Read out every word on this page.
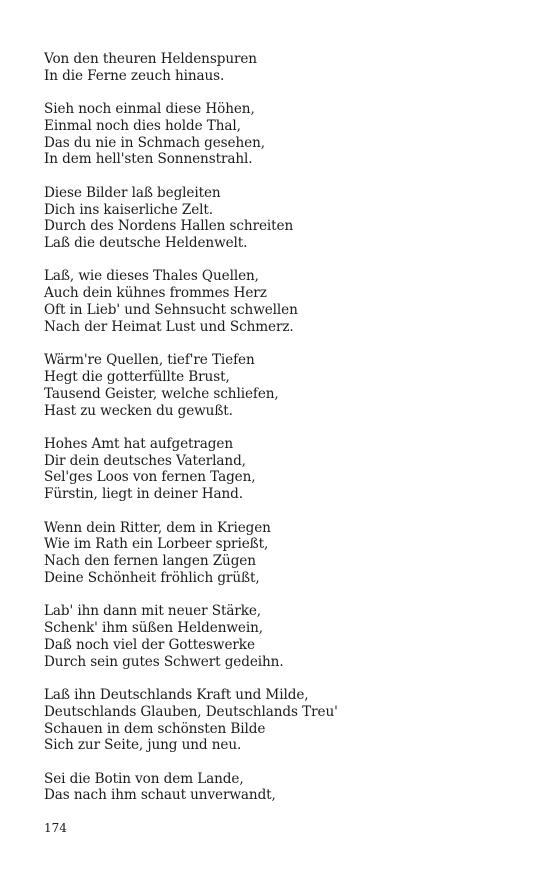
Von den theuren Heldenspuren
In die Ferne zeuch hinaus.
Sieh noch einmal diese Höhen,
Einmal noch dies holde Thal,
Das du nie in Schmach gesehen,
In dem hell'sten Sonnenstrahl.
Diese Bilder laß begleiten
Dich ins kaiserliche Zelt.
Durch des Nordens Hallen schreiten
Laß die deutsche Heldenwelt.
Laß, wie dieses Thales Quellen,
Auch dein kühnes frommes Herz
Oft in Lieb' und Sehnsucht schwellen
Nach der Heimat Lust und Schmerz.
Wärm're Quellen, tief're Tiefen
Hegt die gotterfüllte Brust,
Tausend Geister, welche schliefen,
Hast zu wecken du gewußt.
Hohes Amt hat aufgetragen
Dir dein deutsches Vaterland,
Sel'ges Loos von fernen Tagen,
Fürstin, liegt in deiner Hand.
Wenn dein Ritter, dem in Kriegen
Wie im Rath ein Lorbeer sprießt,
Nach den fernen langen Zügen
Deine Schönheit fröhlich grüßt,
Lab' ihn dann mit neuer Stärke,
Schenk' ihm süßen Heldenwein,
Daß noch viel der Gotteswerke
Durch sein gutes Schwert gedeihn.
Laß ihn Deutschlands Kraft und Milde,
Deutschlands Glauben, Deutschlands Treu'
Schauen in dem schönsten Bilde
Sich zur Seite, jung und neu.
Sei die Botin von dem Lande,
Das nach ihm schaut unverwandt,
174
